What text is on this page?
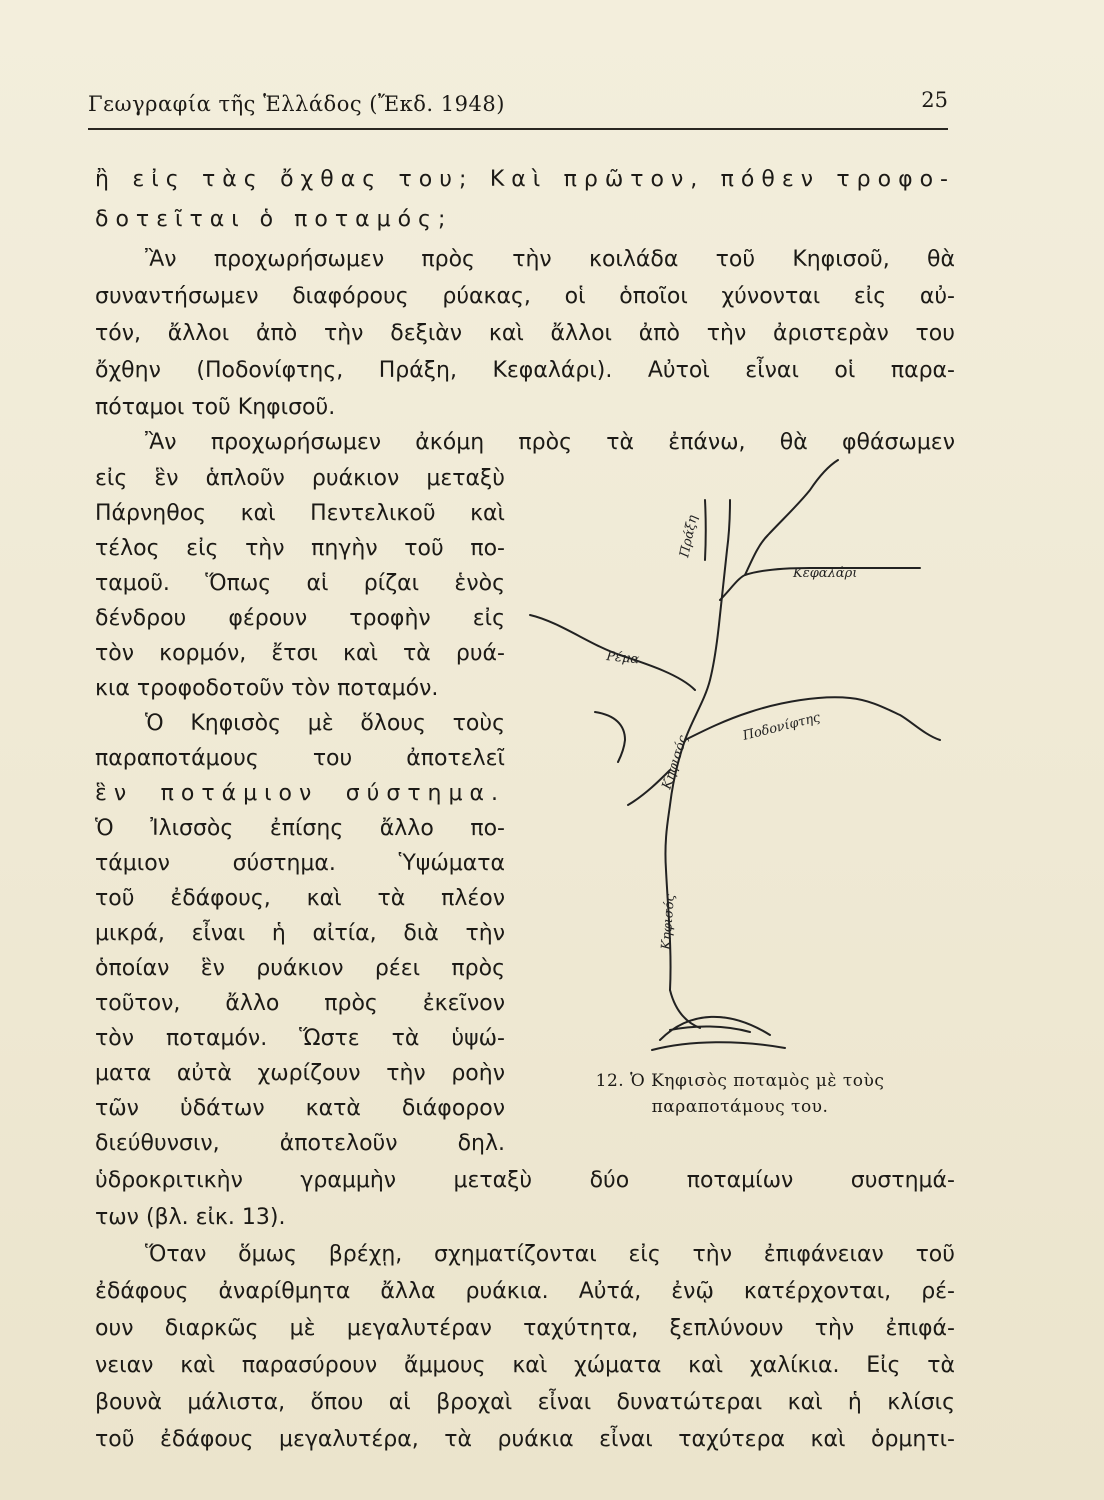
Γεωγραφία τῆς Ἑλλάδος (Ἔκδ. 1948)	25

ἢ εἰς τὰς ὄχθας του; Καὶ πρῶτον, πόθεν τροφο-

δοτεῖται ὁ ποταμός;

Ἂν προχωρήσωμεν πρὸς τὴν κοιλάδα τοῦ Κηφισοῦ, θὰ

συναντήσωμεν διαφόρους ρύακας, οἱ ὁποῖοι χύνονται εἰς αὐ-

τόν, ἄλλοι ἀπὸ τὴν δεξιὰν καὶ ἄλλοι ἀπὸ τὴν ἀριστερὰν του

ὄχθην (Ποδονίφτης, Πράξη, Κεφαλάρι). Αὐτοὶ εἶναι οἱ παρα-

πόταμοι τοῦ Κηφισοῦ.

Ἂν προχωρήσωμεν ἀκόμη πρὸς τὰ ἐπάνω, θὰ φθάσωμεν

εἰς ἓν ἁπλοῦν ρυάκιον μεταξὺ

Πάρνηθος καὶ Πεντελικοῦ καὶ

τέλος εἰς τὴν πηγὴν τοῦ πο-

ταμοῦ. Ὅπως αἱ ρίζαι ἑνὸς

δένδρου φέρουν τροφὴν εἰς

τὸν κορμόν, ἔτσι καὶ τὰ ρυά-

κια τροφοδοτοῦν τὸν ποταμόν.

Ὁ Κηφισὸς μὲ ὅλους τοὺς

παραποτάμους του ἀποτελεῖ

ἓν ποτάμιον σύστημα.

Ὁ Ἰλισσὸς ἐπίσης ἄλλο πο-

τάμιον σύστημα. Ὑψώματα

τοῦ ἐδάφους, καὶ τὰ πλέον

μικρά, εἶναι ἡ αἰτία, διὰ τὴν

ὁποίαν ἓν ρυάκιον ρέει πρὸς

τοῦτον, ἄλλο πρὸς ἐκεῖνον

τὸν ποταμόν. Ὥστε τὰ ὑψώ-

ματα αὐτὰ χωρίζουν τὴν ροὴν

τῶν ὑδάτων κατὰ διάφορον

διεύθυνσιν, ἀποτελοῦν δηλ.

ὑδροκριτικὴν γραμμὴν μεταξὺ δύο ποταμίων συστημά-

των (βλ. εἰκ. 13).

Ὅταν ὅμως βρέχῃ, σχηματίζονται εἰς τὴν ἐπιφάνειαν τοῦ

ἐδάφους ἀναρίθμητα ἄλλα ρυάκια. Αὐτά, ἐνῷ κατέρχονται, ρέ-

ουν διαρκῶς μὲ μεγαλυτέραν ταχύτητα, ξεπλύνουν τὴν ἐπιφά-

νειαν καὶ παρασύρουν ἄμμους καὶ χώματα καὶ χαλίκια. Εἰς τὰ

βουνὰ μάλιστα, ὅπου αἱ βροχαὶ εἶναι δυνατώτεραι καὶ ἡ κλίσις

τοῦ ἐδάφους μεγαλυτέρα, τὰ ρυάκια εἶναι ταχύτερα καὶ ὁρμητι-

Κεφαλάρι
Πράξη
Ρέμα
Ποδονίφτης
Κηφισός
Κηφισός
12. Ὁ Κηφισὸς ποταμὸς μὲ τοὺς
παραποτάμους του.
